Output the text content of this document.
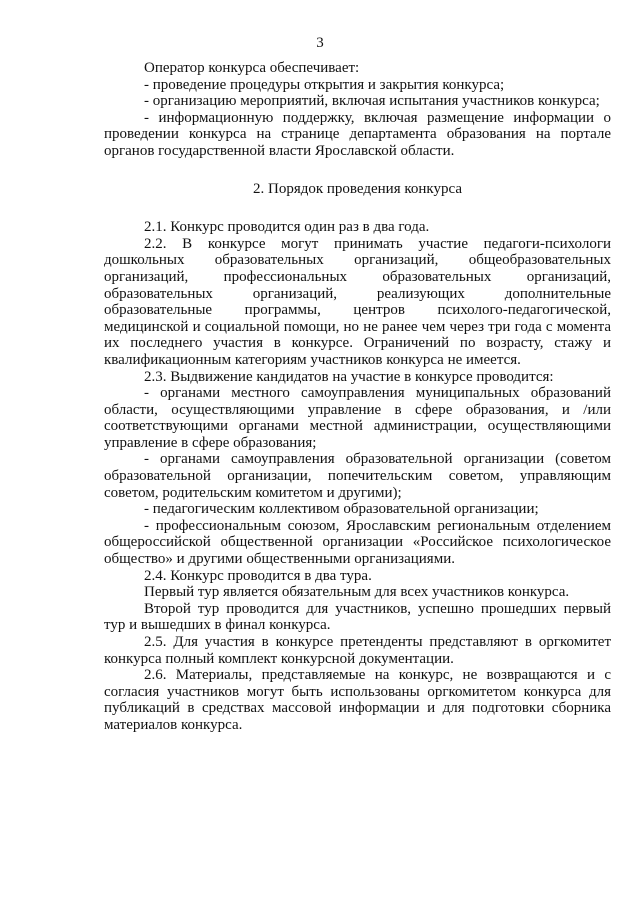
3

Оператор конкурса обеспечивает:

- проведение процедуры открытия и закрытия конкурса;

- организацию мероприятий, включая испытания участников конкурса;

- информационную поддержку, включая размещение информации о проведении конкурса на странице департамента образования на портале органов государственной власти Ярославской области.

2. Порядок проведения конкурса

2.1. Конкурс проводится один раз в два года.

2.2. В конкурсе могут принимать участие педагоги-психологи дошкольных образовательных организаций, общеобразовательных организаций, профессиональных образовательных организаций, образовательных организаций, реализующих дополнительные образовательные программы, центров психолого-педагогической, медицинской и социальной помощи, но не ранее чем через три года с момента их последнего участия в конкурсе. Ограничений по возрасту, стажу и квалификационным категориям участников конкурса не имеется.

2.3. Выдвижение кандидатов на участие в конкурсе проводится:

- органами местного самоуправления муниципальных образований области, осуществляющими управление в сфере образования, и /или соответствующими органами местной администрации, осуществляющими управление в сфере образования;

- органами самоуправления образовательной организации (советом образовательной организации, попечительским советом, управляющим советом, родительским комитетом и другими);

- педагогическим коллективом образовательной организации;

- профессиональным союзом, Ярославским региональным отделением общероссийской общественной организации «Российское психологическое общество» и другими общественными организациями.

2.4. Конкурс проводится в два тура.

Первый тур является обязательным для всех участников конкурса.

Второй тур проводится для участников, успешно прошедших первый тур и вышедших в финал конкурса.

2.5. Для участия в конкурсе претенденты представляют в оргкомитет конкурса полный комплект конкурсной документации.

2.6. Материалы, представляемые на конкурс, не возвращаются и с согласия участников могут быть использованы оргкомитетом конкурса для публикаций в средствах массовой информации и для подготовки сборника материалов конкурса.
